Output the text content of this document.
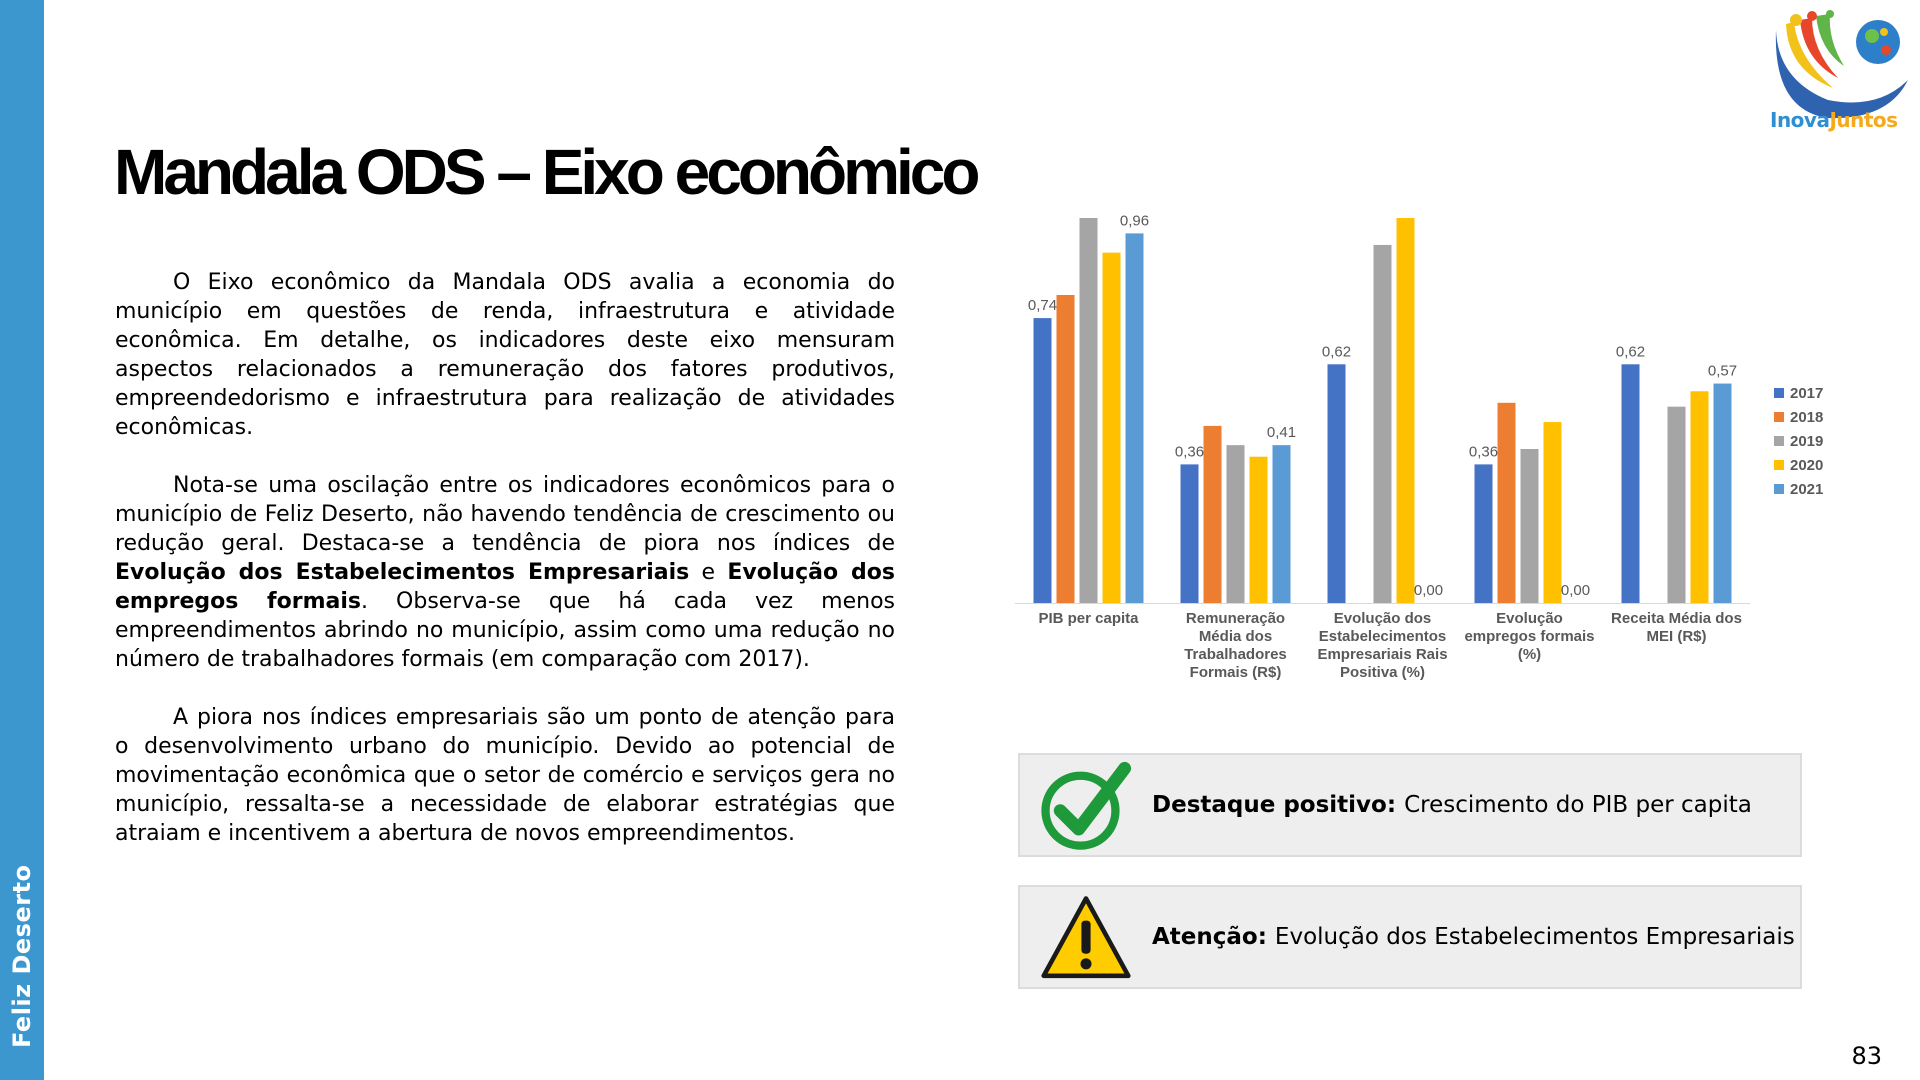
Feliz Deserto
InovaJuntos
Mandala ODS – Eixo econômico

O Eixo econômico da Mandala ODS avalia a economia do município em questões de renda, infraestrutura e atividade econômica. Em detalhe, os indicadores deste eixo mensuram aspectos relacionados a remuneração dos fatores produtivos, empreendedorismo e infraestrutura para realização de atividades econômicas.

Nota-se uma oscilação entre os indicadores econômicos para o município de Feliz Deserto, não havendo tendência de crescimento ou redução geral. Destaca-se a tendência de piora nos índices de Evolução dos Estabelecimentos Empresariais e Evolução dos empregos formais. Observa-se que há cada vez menos empreendimentos abrindo no município, assim como uma redução no número de trabalhadores formais (em comparação com 2017).

A piora nos índices empresariais são um ponto de atenção para o desenvolvimento urbano do município. Devido ao potencial de movimentação econômica que o setor de comércio e serviços gera no município, ressalta-se a necessidade de elaborar estratégias que atraiam e incentivem a abertura de novos empreendimentos.

PIB per capita	Remuneração Média dos Trabalhadores Formais (R$)
Evolução dos Estabelecimentos Empresariais Rais Positiva (%)
Evolução empregos formais (%)
Receita Média dos MEI (R$)
0,74
0,96
0,36
0,41
0,62
0,00
0,36
0,00
0,62
0,57
2017
2018
2019
2020
2021
Destaque positivo: Crescimento do PIB per capita
Atenção: Evolução dos Estabelecimentos Empresariais
83
